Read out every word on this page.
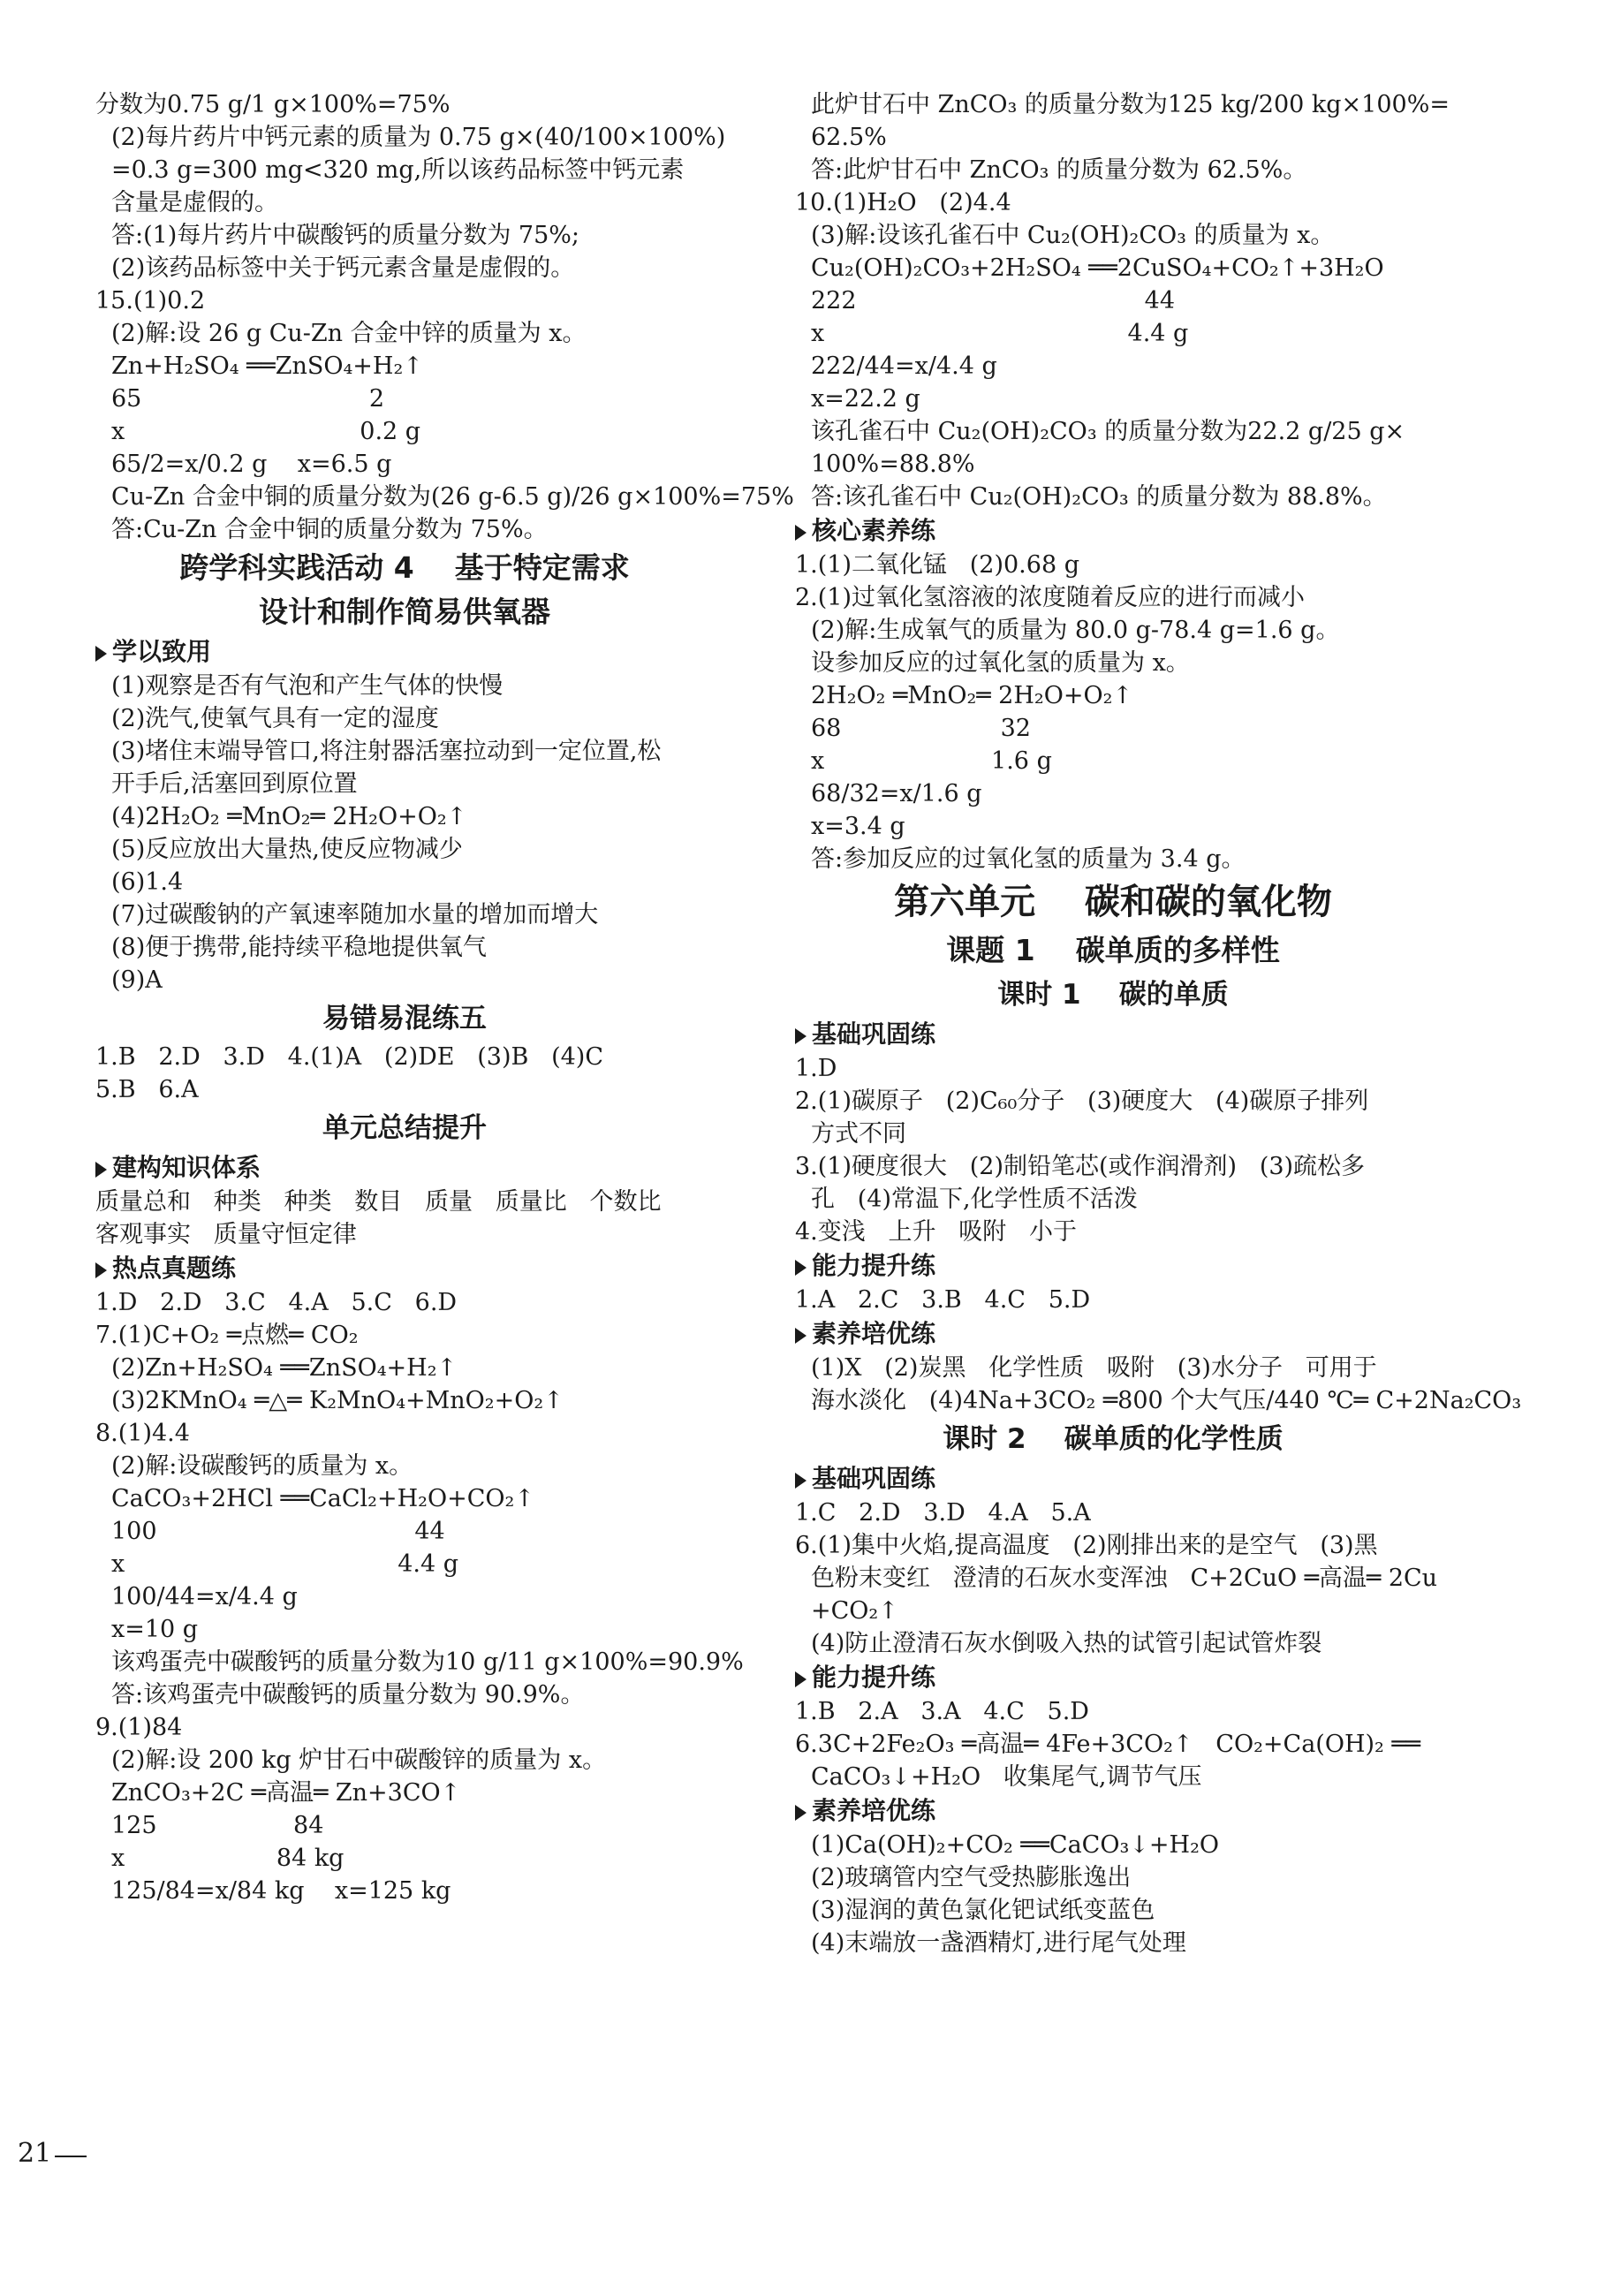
分数为0.75 g/1 g×100%=75%
(2)每片药片中钙元素的质量为 0.75 g×(40/100×100%)
=0.3 g=300 mg<320 mg,所以该药品标签中钙元素
含量是虚假的。
答:(1)每片药片中碳酸钙的质量分数为 75%;
(2)该药品标签中关于钙元素含量是虚假的。
15.(1)0.2
(2)解:设 26 g Cu-Zn 合金中锌的质量为 x。
Zn+H₂SO₄ ══ZnSO₄+H₂↑
65                              2
x                               0.2 g
65/2=x/0.2 g    x=6.5 g
Cu-Zn 合金中铜的质量分数为(26 g-6.5 g)/26 g×100%=75%
答:Cu-Zn 合金中铜的质量分数为 75%。
跨学科实践活动 4    基于特定需求
设计和制作简易供氧器
学以致用
(1)观察是否有气泡和产生气体的快慢
(2)洗气,使氧气具有一定的湿度
(3)堵住末端导管口,将注射器活塞拉动到一定位置,松
开手后,活塞回到原位置
(4)2H₂O₂ ═MnO₂═ 2H₂O+O₂↑
(5)反应放出大量热,使反应物减少
(6)1.4
(7)过碳酸钠的产氧速率随加水量的增加而增大
(8)便于携带,能持续平稳地提供氧气
(9)A
易错易混练五
1.B   2.D   3.D   4.(1)A   (2)DE   (3)B   (4)C
5.B   6.A
单元总结提升
建构知识体系
质量总和   种类   种类   数目   质量   质量比   个数比
客观事实   质量守恒定律
热点真题练
1.D   2.D   3.C   4.A   5.C   6.D
7.(1)C+O₂ ═点燃═ CO₂
(2)Zn+H₂SO₄ ══ZnSO₄+H₂↑
(3)2KMnO₄ ═△═ K₂MnO₄+MnO₂+O₂↑
8.(1)4.4
(2)解:设碳酸钙的质量为 x。
CaCO₃+2HCl ══CaCl₂+H₂O+CO₂↑
100                                  44
x                                    4.4 g
100/44=x/4.4 g
x=10 g
该鸡蛋壳中碳酸钙的质量分数为10 g/11 g×100%=90.9%
答:该鸡蛋壳中碳酸钙的质量分数为 90.9%。
9.(1)84
(2)解:设 200 kg 炉甘石中碳酸锌的质量为 x。
ZnCO₃+2C ═高温═ Zn+3CO↑
125                  84
x                    84 kg
125/84=x/84 kg    x=125 kg
此炉甘石中 ZnCO₃ 的质量分数为125 kg/200 kg×100%=
62.5%
答:此炉甘石中 ZnCO₃ 的质量分数为 62.5%。
10.(1)H₂O   (2)4.4
(3)解:设该孔雀石中 Cu₂(OH)₂CO₃ 的质量为 x。
Cu₂(OH)₂CO₃+2H₂SO₄ ══2CuSO₄+CO₂↑+3H₂O
222                                      44
x                                        4.4 g
222/44=x/4.4 g
x=22.2 g
该孔雀石中 Cu₂(OH)₂CO₃ 的质量分数为22.2 g/25 g×
100%=88.8%
答:该孔雀石中 Cu₂(OH)₂CO₃ 的质量分数为 88.8%。
核心素养练
1.(1)二氧化锰   (2)0.68 g
2.(1)过氧化氢溶液的浓度随着反应的进行而减小
(2)解:生成氧气的质量为 80.0 g-78.4 g=1.6 g。
设参加反应的过氧化氢的质量为 x。
2H₂O₂ ═MnO₂═ 2H₂O+O₂↑
68                     32
x                      1.6 g
68/32=x/1.6 g
x=3.4 g
答:参加反应的过氧化氢的质量为 3.4 g。
第六单元    碳和碳的氧化物
课题 1    碳单质的多样性
课时 1    碳的单质
基础巩固练
1.D
2.(1)碳原子   (2)C₆₀分子   (3)硬度大   (4)碳原子排列
方式不同
3.(1)硬度很大   (2)制铅笔芯(或作润滑剂)   (3)疏松多
孔   (4)常温下,化学性质不活泼
4.变浅   上升   吸附   小于
能力提升练
1.A   2.C   3.B   4.C   5.D
素养培优练
(1)X   (2)炭黑   化学性质   吸附   (3)水分子   可用于
海水淡化   (4)4Na+3CO₂ ═800 个大气压/440 ℃═ C+2Na₂CO₃
课时 2    碳单质的化学性质
基础巩固练
1.C   2.D   3.D   4.A   5.A
6.(1)集中火焰,提高温度   (2)刚排出来的是空气   (3)黑
色粉末变红   澄清的石灰水变浑浊   C+2CuO ═高温═ 2Cu
+CO₂↑
(4)防止澄清石灰水倒吸入热的试管引起试管炸裂
能力提升练
1.B   2.A   3.A   4.C   5.D
6.3C+2Fe₂O₃ ═高温═ 4Fe+3CO₂↑   CO₂+Ca(OH)₂ ══
CaCO₃↓+H₂O   收集尾气,调节气压
素养培优练
(1)Ca(OH)₂+CO₂ ══CaCO₃↓+H₂O
(2)玻璃管内空气受热膨胀逸出
(3)湿润的黄色氯化钯试纸变蓝色
(4)末端放一盏酒精灯,进行尾气处理
21
